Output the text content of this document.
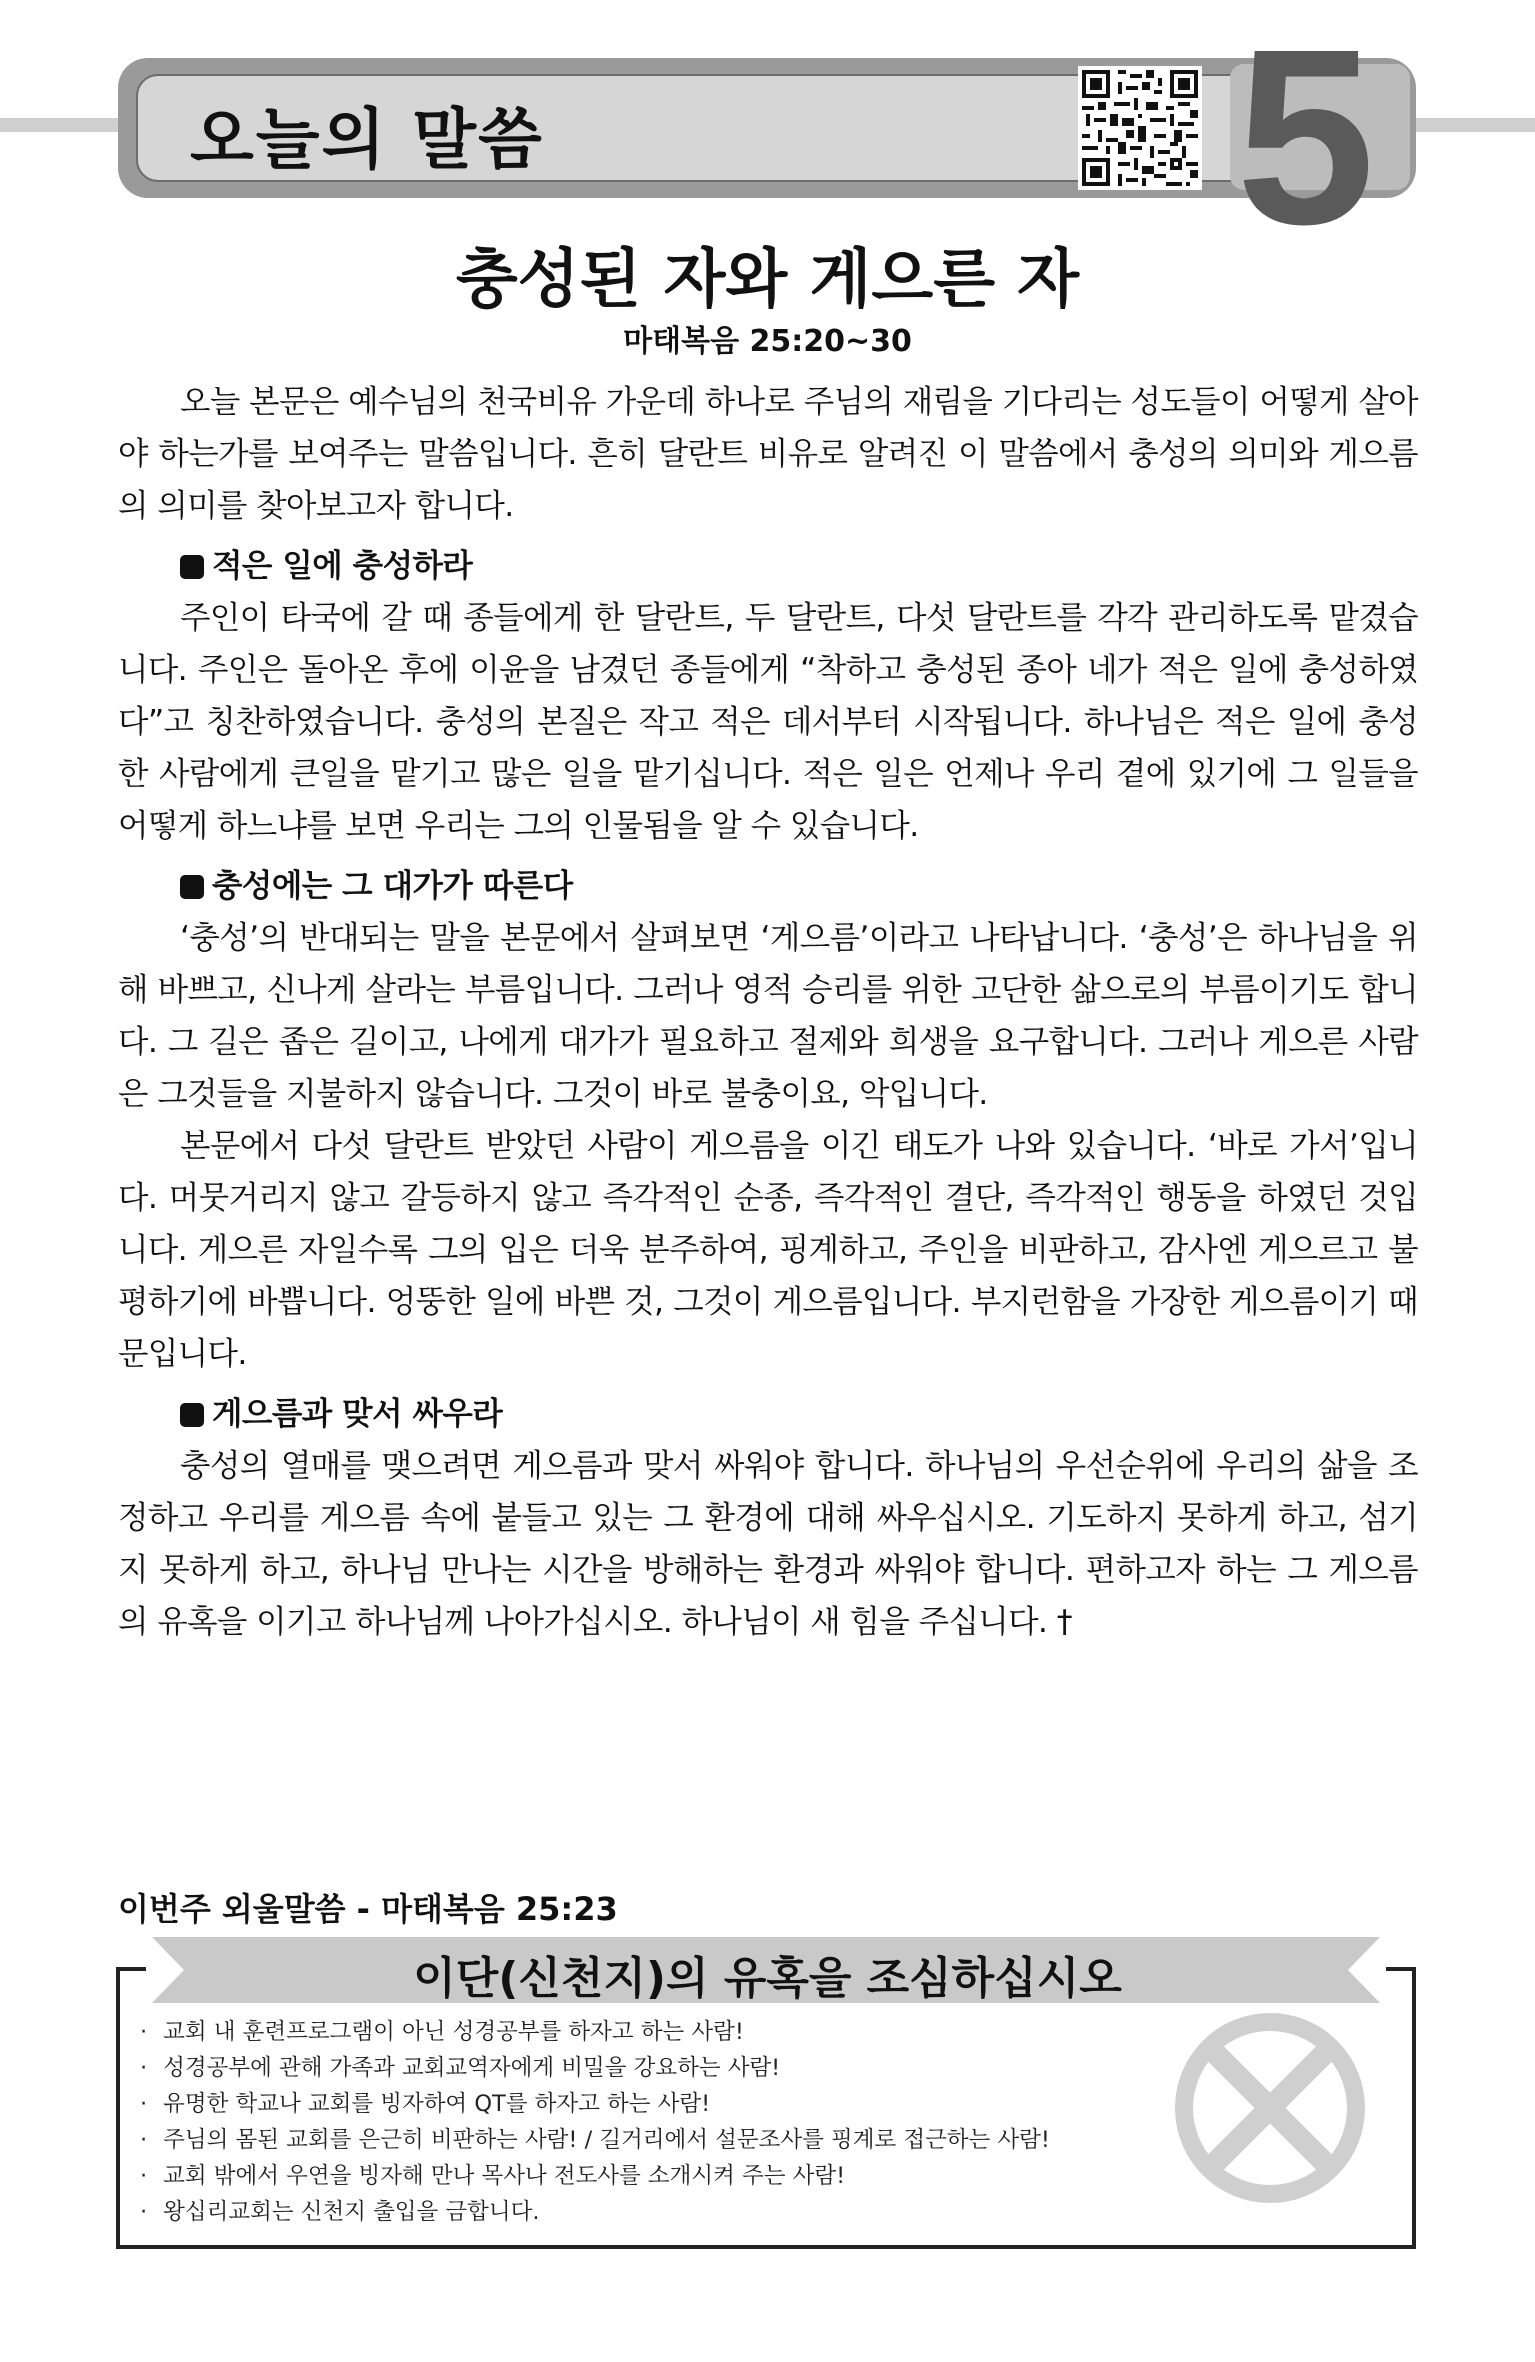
오늘의 말씀	5
충성된 자와 게으른 자
마태복음 25:20~30

오늘 본문은 예수님의 천국비유 가운데 하나로 주님의 재림을 기다리는 성도들이 어떻게 살아야 하는가를 보여주는 말씀입니다. 흔히 달란트 비유로 알려진 이 말씀에서 충성의 의미와 게으름의 의미를 찾아보고자 합니다.

적은 일에 충성하라

주인이 타국에 갈 때 종들에게 한 달란트, 두 달란트, 다섯 달란트를 각각 관리하도록 맡겼습니다. 주인은 돌아온 후에 이윤을 남겼던 종들에게 “착하고 충성된 종아 네가 적은 일에 충성하였다”고 칭찬하였습니다. 충성의 본질은 작고 적은 데서부터 시작됩니다. 하나님은 적은 일에 충성한 사람에게 큰일을 맡기고 많은 일을 맡기십니다. 적은 일은 언제나 우리 곁에 있기에 그 일들을 어떻게 하느냐를 보면 우리는 그의 인물됨을 알 수 있습니다.

충성에는 그 대가가 따른다

‘충성’의 반대되는 말을 본문에서 살펴보면 ‘게으름’이라고 나타납니다. ‘충성’은 하나님을 위해 바쁘고, 신나게 살라는 부름입니다. 그러나 영적 승리를 위한 고단한 삶으로의 부름이기도 합니다. 그 길은 좁은 길이고, 나에게 대가가 필요하고 절제와 희생을 요구합니다. 그러나 게으른 사람은 그것들을 지불하지 않습니다. 그것이 바로 불충이요, 악입니다.

본문에서 다섯 달란트 받았던 사람이 게으름을 이긴 태도가 나와 있습니다. ‘바로 가서’입니다. 머뭇거리지 않고 갈등하지 않고 즉각적인 순종, 즉각적인 결단, 즉각적인 행동을 하였던 것입니다. 게으른 자일수록 그의 입은 더욱 분주하여, 핑계하고, 주인을 비판하고, 감사엔 게으르고 불평하기에 바쁩니다. 엉뚱한 일에 바쁜 것, 그것이 게으름입니다. 부지런함을 가장한 게으름이기 때문입니다.

게으름과 맞서 싸우라

충성의 열매를 맺으려면 게으름과 맞서 싸워야 합니다. 하나님의 우선순위에 우리의 삶을 조정하고 우리를 게으름 속에 붙들고 있는 그 환경에 대해 싸우십시오. 기도하지 못하게 하고, 섬기지 못하게 하고, 하나님 만나는 시간을 방해하는 환경과 싸워야 합니다. 편하고자 하는 그 게으름의 유혹을 이기고 하나님께 나아가십시오. 하나님이 새 힘을 주십니다. †

이번주 외울말씀 - 마태복음 25:23
이단(신천지)의 유혹을 조심하십시오
· 교회 내 훈련프로그램이 아닌 성경공부를 하자고 하는 사람!
· 성경공부에 관해 가족과 교회교역자에게 비밀을 강요하는 사람!
· 유명한 학교나 교회를 빙자하여 QT를 하자고 하는 사람!
· 주님의 몸된 교회를 은근히 비판하는 사람! / 길거리에서 설문조사를 핑계로 접근하는 사람!
· 교회 밖에서 우연을 빙자해 만나 목사나 전도사를 소개시켜 주는 사람!
· 왕십리교회는 신천지 출입을 금합니다.
